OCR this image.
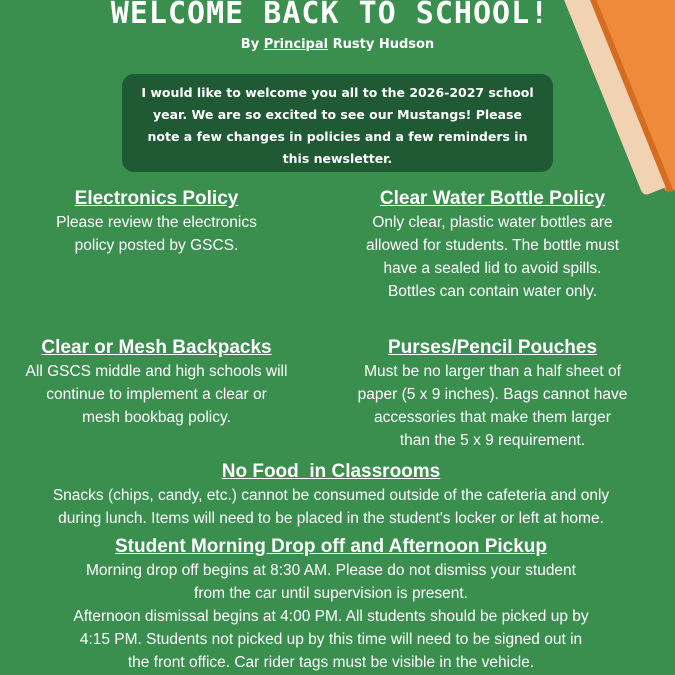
WELCOME BACK TO SCHOOL!
By Principal Rusty Hudson
I would like to welcome you all to the 2026-2027 school year. We are so excited to see our Mustangs! Please note a few changes in policies and a few reminders in this newsletter.
Electronics Policy

Please review the electronics
policy posted by GSCS.

Clear Water Bottle Policy

Only clear, plastic water bottles are
allowed for students. The bottle must
have a sealed lid to avoid spills.
Bottles can contain water only.

Clear or Mesh Backpacks

All GSCS middle and high schools will
continue to implement a clear or
mesh bookbag policy.

Purses/Pencil Pouches

Must be no larger than a half sheet of
paper (5 x 9 inches). Bags cannot have
accessories that make them larger
than the 5 x 9 requirement.

No Food  in Classrooms

Snacks (chips, candy, etc.) cannot be consumed outside of the cafeteria and only
during lunch. Items will need to be placed in the student's locker or left at home.

Student Morning Drop off and Afternoon Pickup

Morning drop off begins at 8:30 AM. Please do not dismiss your student
from the car until supervision is present.
Afternoon dismissal begins at 4:00 PM. All students should be picked up by
4:15 PM. Students not picked up by this time will need to be signed out in
the front office. Car rider tags must be visible in the vehicle.
